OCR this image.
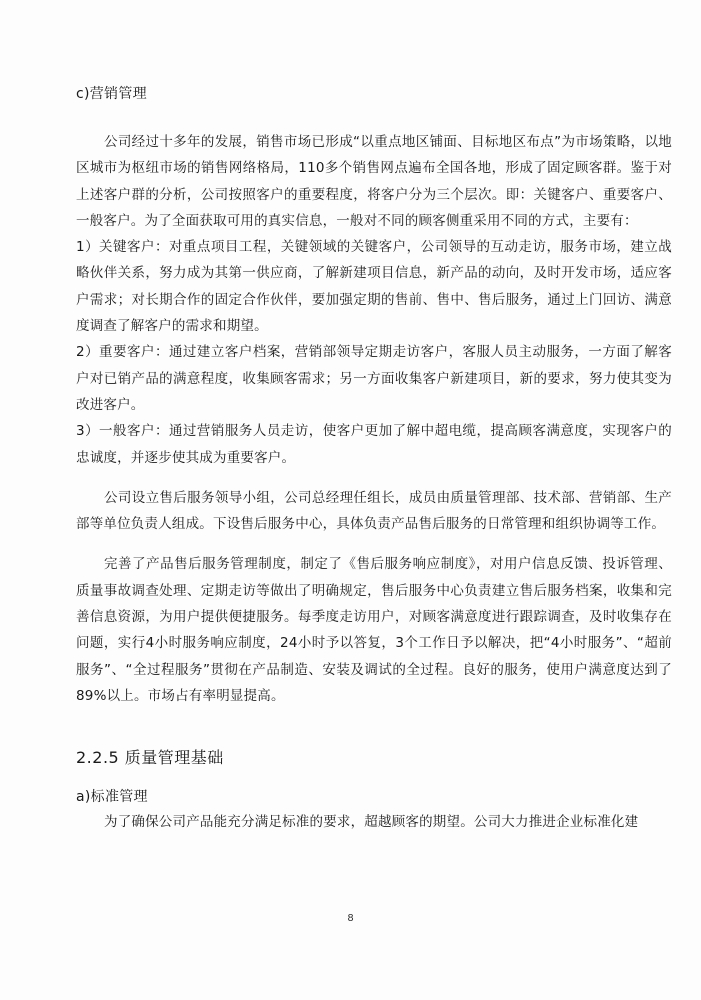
c)营销管理

公司经过十多年的发展，销售市场已形成“以重点地区铺面、目标地区布点”为市场策略，以地区城市为枢纽市场的销售网络格局，110多个销售网点遍布全国各地，形成了固定顾客群。鉴于对上述客户群的分析，公司按照客户的重要程度，将客户分为三个层次。即：关键客户、重要客户、一般客户。为了全面获取可用的真实信息，一般对不同的顾客侧重采用不同的方式，主要有：

1）关键客户：对重点项目工程，关键领域的关键客户，公司领导的互动走访，服务市场，建立战略伙伴关系，努力成为其第一供应商，了解新建项目信息，新产品的动向，及时开发市场，适应客户需求；对长期合作的固定合作伙伴，要加强定期的售前、售中、售后服务，通过上门回访、满意度调查了解客户的需求和期望。

2）重要客户：通过建立客户档案，营销部领导定期走访客户，客服人员主动服务，一方面了解客户对已销产品的满意程度，收集顾客需求；另一方面收集客户新建项目，新的要求，努力使其变为改进客户。

3）一般客户：通过营销服务人员走访，使客户更加了解中超电缆，提高顾客满意度，实现客户的忠诚度，并逐步使其成为重要客户。

公司设立售后服务领导小组，公司总经理任组长，成员由质量管理部、技术部、营销部、生产部等单位负责人组成。下设售后服务中心，具体负责产品售后服务的日常管理和组织协调等工作。

完善了产品售后服务管理制度，制定了《售后服务响应制度》，对用户信息反馈、投诉管理、质量事故调查处理、定期走访等做出了明确规定，售后服务中心负责建立售后服务档案，收集和完善信息资源，为用户提供便捷服务。每季度走访用户，对顾客满意度进行跟踪调查，及时收集存在问题，实行4小时服务响应制度，24小时予以答复，3个工作日予以解决，把“4小时服务”、“超前服务”、“全过程服务”贯彻在产品制造、安装及调试的全过程。良好的服务，使用户满意度达到了89%以上。市场占有率明显提高。

2.2.5 质量管理基础

a)标准管理

为了确保公司产品能充分满足标准的要求，超越顾客的期望。公司大力推进企业标准化建

8
